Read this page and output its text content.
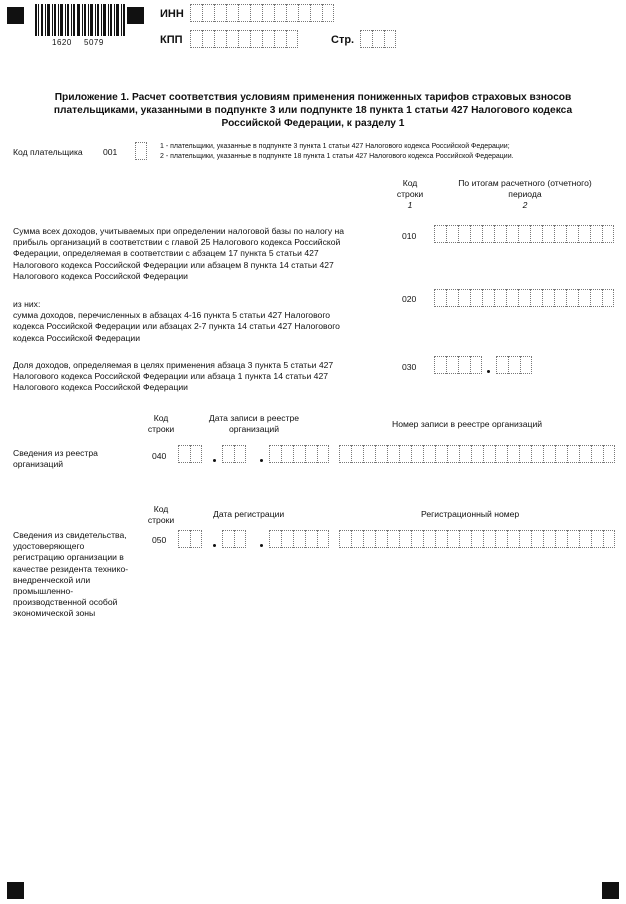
1620 5079
ИНН
КПП	Стр.
Приложение 1. Расчет соответствия условиям применения пониженных тарифов страховых взносов
плательщиками, указанными в подпункте 3 или подпункте 18 пункта 1 статьи 427 Налогового кодекса
Российской Федерации, к разделу 1
Код плательщика 001
1 - плательщики, указанные в подпункте 3 пункта 1 статьи 427 Налогового кодекса Российской Федерации;
2 - плательщики, указанные в подпункте 18 пункта 1 статьи 427 Налогового кодекса Российской Федерации.
Код
строки
1
По итогам расчетного (отчетного)
периода
2
Сумма всех доходов, учитываемых при определении налоговой базы по налогу на
прибыль организаций в соответствии с главой 25 Налогового кодекса Российской
Федерации, определяемая в соответствии с абзацем 17 пункта 5 статьи 427
Налогового кодекса Российской Федерации или абзацем 8 пункта 14 статьи 427
Налогового кодекса Российской Федерации
010
из них:
сумма доходов, перечисленных в абзацах 4-16 пункта 5 статьи 427 Налогового
кодекса Российской Федерации или абзацах 2-7 пункта 14 статьи 427 Налогового
кодекса Российской Федерации
020
Доля доходов, определяемая в целях применения абзаца 3 пункта 5 статьи 427
Налогового кодекса Российской Федерации или абзаца 1 пункта 14 статьи 427
Налогового кодекса Российской Федерации
030
Код
строки
Дата записи в реестре
организаций
Номер записи в реестре организаций
Сведения из реестра
организаций
040
Код
строки
Дата регистрации	Регистрационный номер
Сведения из свидетельства,
удостоверяющего
регистрацию организации в
качестве резидента технико-
внедренческой или
промышленно-
производственной особой
экономической зоны
050
